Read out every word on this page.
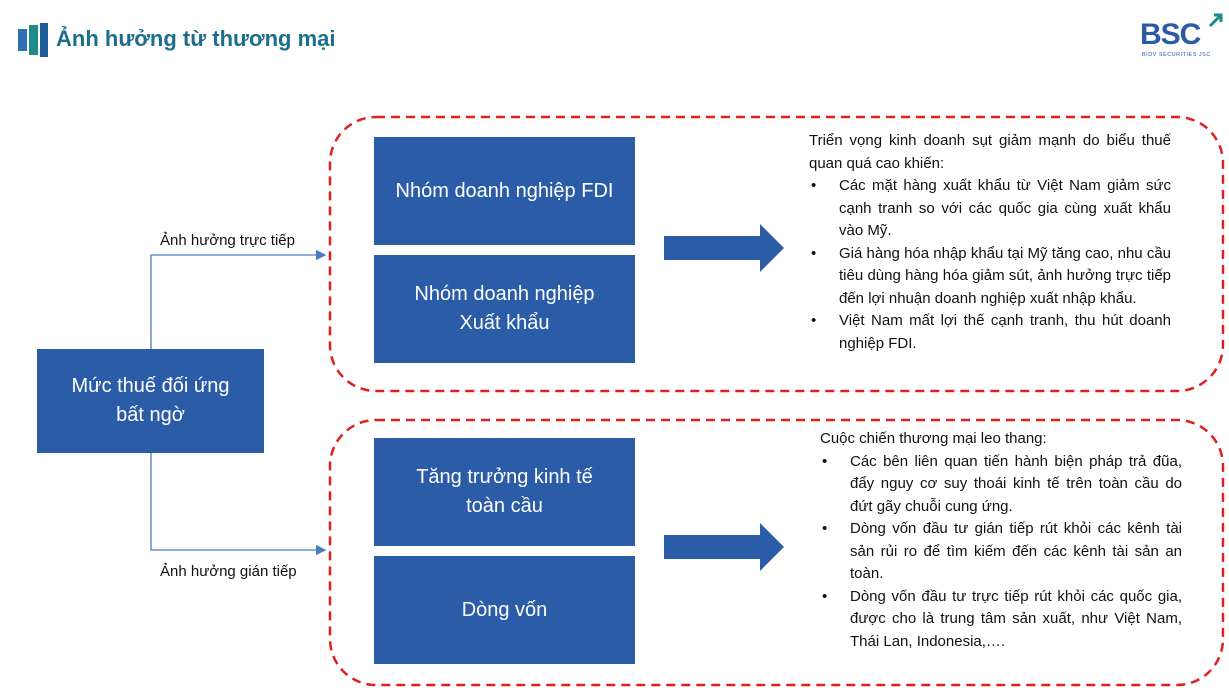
Ảnh hưởng từ thương mại	BSC
BIDV SECURITIES JSC
Mức thuế đối ứng bất ngờ
Ảnh hưởng trực tiếp
Ảnh hưởng gián tiếp
Nhóm doanh nghiệp FDI
Nhóm doanh nghiệp Xuất khẩu
Tăng trưởng kinh tế toàn cầu
Dòng vốn
Triển vọng kinh doanh sụt giảm mạnh do biểu thuế quan quá cao khiến:
• Các mặt hàng xuất khẩu từ Việt Nam giảm sức cạnh tranh so với các quốc gia cùng xuất khẩu vào Mỹ.
• Giá hàng hóa nhập khẩu tại Mỹ tăng cao, nhu cầu tiêu dùng hàng hóa giảm sút, ảnh hưởng trực tiếp đến lợi nhuận doanh nghiệp xuất nhập khẩu.
• Việt Nam mất lợi thế cạnh tranh, thu hút doanh nghiệp FDI.
Cuộc chiến thương mại leo thang:
• Các bên liên quan tiến hành biện pháp trả đũa, đẩy nguy cơ suy thoái kinh tế trên toàn cầu do đứt gãy chuỗi cung ứng.
• Dòng vốn đầu tư gián tiếp rút khỏi các kênh tài sản rủi ro để tìm kiếm đến các kênh tài sản an toàn.
• Dòng vốn đầu tư trực tiếp rút khỏi các quốc gia, được cho là trung tâm sản xuất, như Việt Nam, Thái Lan, Indonesia,….
